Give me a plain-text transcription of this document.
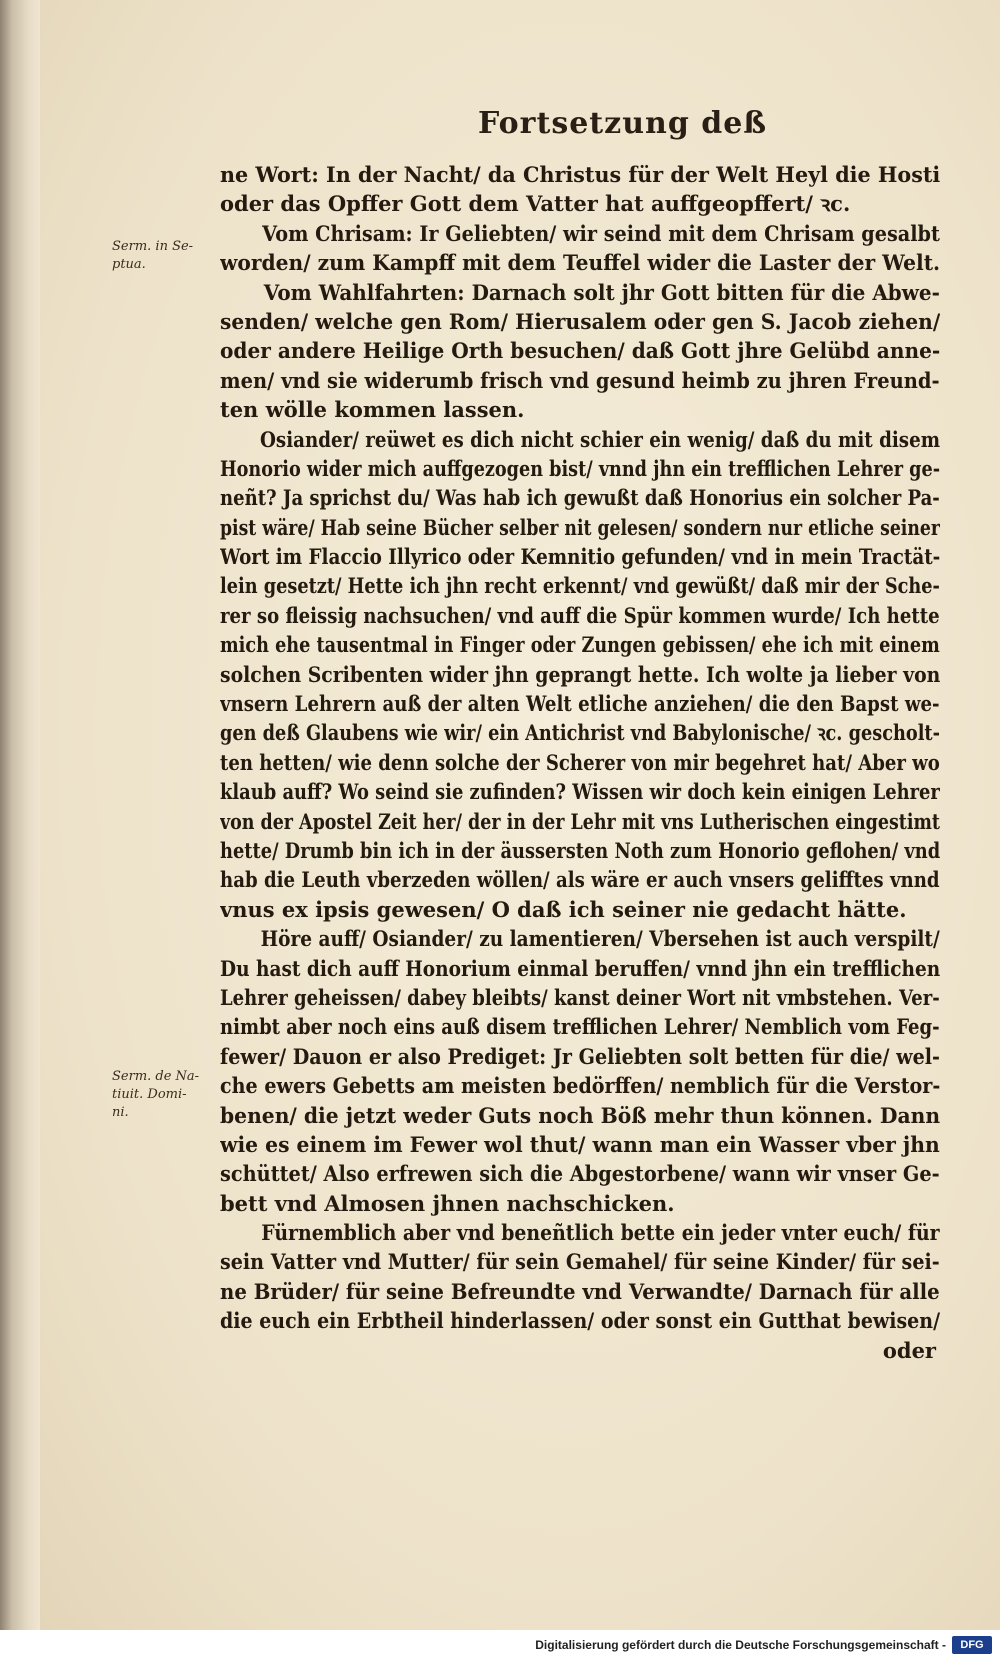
Fortsetzung deß
Serm. in Se-
ptua.
Serm. de Na-
tiuit. Domi-
ni.
ne Wort: In der Nacht/ da Christus für der Welt Heyl die Hosti
oder das Opffer Gott dem Vatter hat auffgeopffert/ ꝛc.
Vom Chrisam: Ir Geliebten/ wir seind mit dem Chrisam gesalbt
worden/ zum Kampff mit dem Teuffel wider die Laster der Welt.
Vom Wahlfahrten: Darnach solt jhr Gott bitten für die Abwe-
senden/ welche gen Rom/ Hierusalem oder gen S. Jacob ziehen/
oder andere Heilige Orth besuchen/ daß Gott jhre Gelübd anne-
men/ vnd sie widerumb frisch vnd gesund heimb zu jhren Freund-
ten wölle kommen lassen.
Osiander/ reüwet es dich nicht schier ein wenig/ daß du mit disem
Honorio wider mich auffgezogen bist/ vnnd jhn ein trefflichen Lehrer ge-
neñt? Ja sprichst du/ Was hab ich gewußt daß Honorius ein solcher Pa-
pist wäre/ Hab seine Bücher selber nit gelesen/ sondern nur etliche seiner
Wort im Flaccio Illyrico oder Kemnitio gefunden/ vnd in mein Tractät-
lein gesetzt/ Hette ich jhn recht erkennt/ vnd gewüßt/ daß mir der Sche-
rer so fleissig nachsuchen/ vnd auff die Spür kommen wurde/ Ich hette
mich ehe tausentmal in Finger oder Zungen gebissen/ ehe ich mit einem
solchen Scribenten wider jhn geprangt hette. Ich wolte ja lieber von
vnsern Lehrern auß der alten Welt etliche anziehen/ die den Bapst we-
gen deß Glaubens wie wir/ ein Antichrist vnd Babylonische/ ꝛc. gescholt-
ten hetten/ wie denn solche der Scherer von mir begehret hat/ Aber wo
klaub auff? Wo seind sie zufinden? Wissen wir doch kein einigen Lehrer
von der Apostel Zeit her/ der in der Lehr mit vns Lutherischen eingestimt
hette/ Drumb bin ich in der äussersten Noth zum Honorio geflohen/ vnd
hab die Leuth vberzeden wöllen/ als wäre er auch vnsers gelifftes vnnd
vnus ex ipsis gewesen/ O daß ich seiner nie gedacht hätte.
Höre auff/ Osiander/ zu lamentieren/ Vbersehen ist auch verspilt/
Du hast dich auff Honorium einmal beruffen/ vnnd jhn ein trefflichen
Lehrer geheissen/ dabey bleibts/ kanst deiner Wort nit vmbstehen. Ver-
nimbt aber noch eins auß disem trefflichen Lehrer/ Nemblich vom Feg-
fewer/ Dauon er also Prediget: Jr Geliebten solt betten für die/ wel-
che ewers Gebetts am meisten bedörffen/ nemblich für die Verstor-
benen/ die jetzt weder Guts noch Böß mehr thun können. Dann
wie es einem im Fewer wol thut/ wann man ein Wasser vber jhn
schüttet/ Also erfrewen sich die Abgestorbene/ wann wir vnser Ge-
bett vnd Almosen jhnen nachschicken.
Fürnemblich aber vnd beneñtlich bette ein jeder vnter euch/ für
sein Vatter vnd Mutter/ für sein Gemahel/ für seine Kinder/ für sei-
ne Brüder/ für seine Befreundte vnd Verwandte/ Darnach für alle
die euch ein Erbtheil hinderlassen/ oder sonst ein Gutthat bewisen/
oder
Digitalisierung gefördert durch die Deutsche Forschungsgemeinschaft -	DFG
